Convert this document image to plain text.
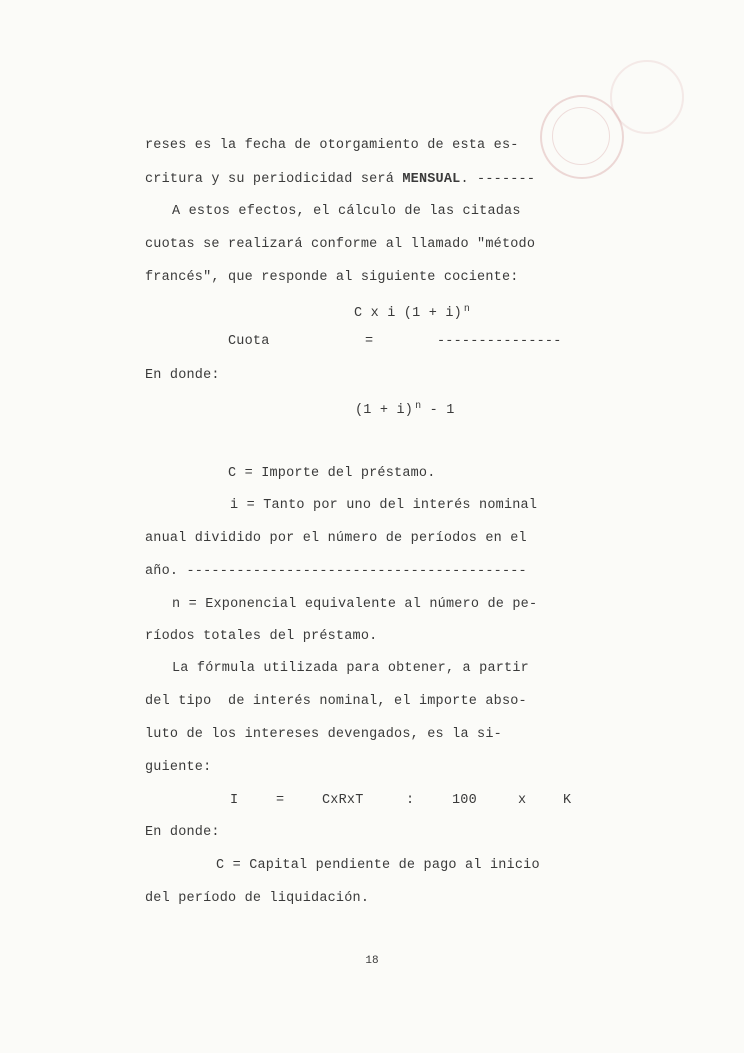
reses es la fecha de otorgamiento de esta es-
critura y su periodicidad será MENSUAL. -------
A estos efectos, el cálculo de las citadas
cuotas se realizará conforme al llamado "método
francés", que responde al siguiente cociente:
C x i (1 + i) $^n$
Cuota	=	---------------
En donde:
(1 + i) $^n$ - 1
C = Importe del préstamo.
i = Tanto por uno del interés nominal
anual dividido por el número de períodos en el
año. -----------------------------------------
n = Exponencial equivalente al número de pe-
ríodos totales del préstamo.
La fórmula utilizada para obtener, a partir
del tipo  de interés nominal, el importe abso-
luto de los intereses devengados, es la si-
guiente:
I	=	CxRxT	:	100	x	K
En donde:
C = Capital pendiente de pago al inicio
del período de liquidación.
18
